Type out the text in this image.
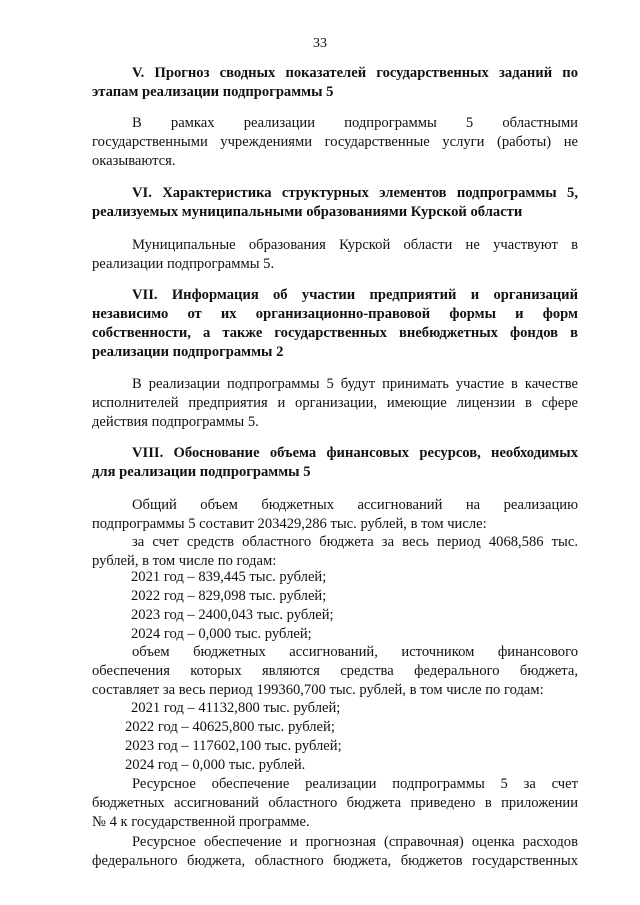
33
V. Прогноз сводных показателей государственных заданий по
этапам реализации подпрограммы 5
В рамках реализации подпрограммы 5 областными
государственными учреждениями государственные услуги (работы) не
оказываются.
VI. Характеристика структурных элементов подпрограммы 5,
реализуемых муниципальными образованиями Курской области
Муниципальные образования Курской области не участвуют в
реализации подпрограммы 5.
VII. Информация об участии предприятий и организаций
независимо от их организационно-правовой формы и форм
собственности, а также государственных внебюджетных фондов в
реализации подпрограммы 2
В реализации подпрограммы 5 будут принимать участие в качестве
исполнителей предприятия и организации, имеющие лицензии в сфере
действия подпрограммы 5.
VIII. Обоснование объема финансовых ресурсов, необходимых
для реализации подпрограммы 5
Общий объем бюджетных ассигнований на реализацию
подпрограммы 5 составит 203429,286 тыс. рублей, в том числе:
за счет средств областного бюджета за весь период 4068,586 тыс.
рублей, в том числе по годам:
2021 год – 839,445 тыс. рублей;
2022 год – 829,098 тыс. рублей;
2023 год – 2400,043 тыс. рублей;
2024 год – 0,000 тыс. рублей;
объем бюджетных ассигнований, источником финансового
обеспечения которых являются средства федерального бюджета,
составляет за весь период 199360,700 тыс. рублей, в том числе по годам:
2021 год – 41132,800 тыс. рублей;
2022 год – 40625,800 тыс. рублей;
2023 год – 117602,100 тыс. рублей;
2024 год – 0,000 тыс. рублей.
Ресурсное обеспечение реализации подпрограммы 5 за счет
бюджетных ассигнований областного бюджета приведено в приложении
№ 4 к государственной программе.
Ресурсное обеспечение и прогнозная (справочная) оценка расходов
федерального бюджета, областного бюджета, бюджетов государственных
